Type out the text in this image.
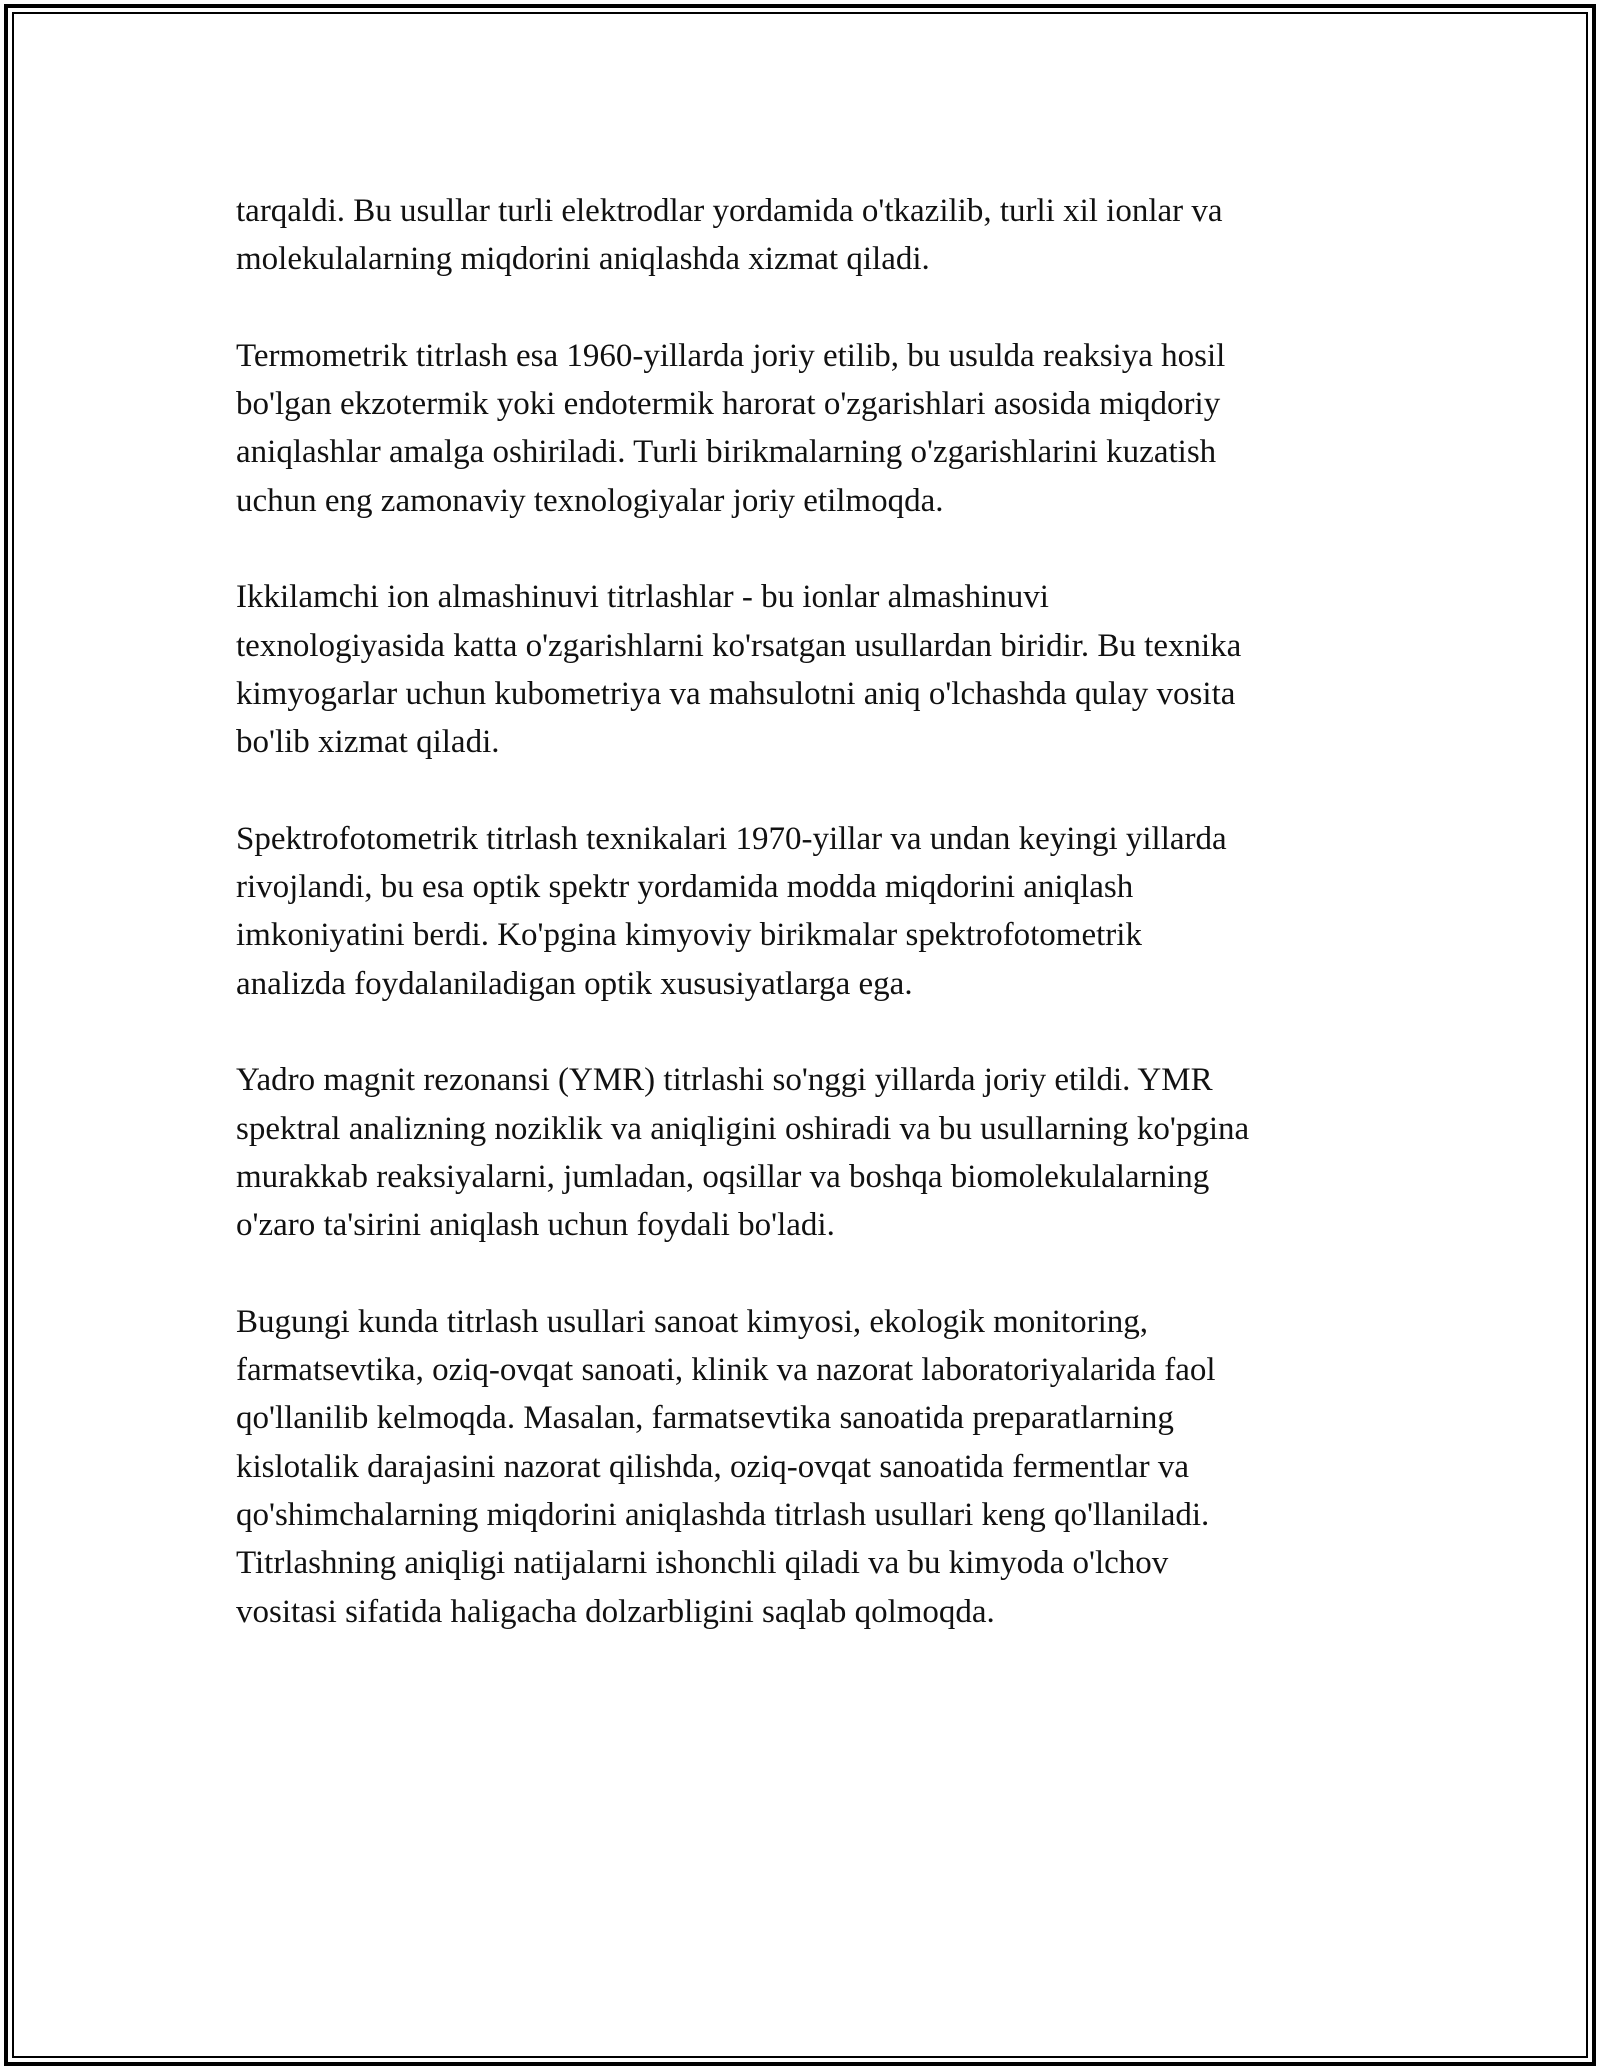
tarqaldi. Bu usullar turli elektrodlar yordamida o'tkazilib, turli xil ionlar va
molekulalarning miqdorini aniqlashda xizmat qiladi.
Termometrik titrlash esa 1960-yillarda joriy etilib, bu usulda reaksiya hosil
bo'lgan ekzotermik yoki endotermik harorat o'zgarishlari asosida miqdoriy
aniqlashlar amalga oshiriladi. Turli birikmalarning o'zgarishlarini kuzatish
uchun eng zamonaviy texnologiyalar joriy etilmoqda.
Ikkilamchi ion almashinuvi titrlashlar - bu ionlar almashinuvi
texnologiyasida katta o'zgarishlarni ko'rsatgan usullardan biridir. Bu texnika
kimyogarlar uchun kubometriya va mahsulotni aniq o'lchashda qulay vosita
bo'lib xizmat qiladi.
Spektrofotometrik titrlash texnikalari 1970-yillar va undan keyingi yillarda
rivojlandi, bu esa optik spektr yordamida modda miqdorini aniqlash
imkoniyatini berdi. Ko'pgina kimyoviy birikmalar spektrofotometrik
analizda foydalaniladigan optik xususiyatlarga ega.
Yadro magnit rezonansi (YMR) titrlashi so'nggi yillarda joriy etildi. YMR
spektral analizning noziklik va aniqligini oshiradi va bu usullarning ko'pgina
murakkab reaksiyalarni, jumladan, oqsillar va boshqa biomolekulalarning
o'zaro ta'sirini aniqlash uchun foydali bo'ladi.
Bugungi kunda titrlash usullari sanoat kimyosi, ekologik monitoring,
farmatsevtika, oziq-ovqat sanoati, klinik va nazorat laboratoriyalarida faol
qo'llanilib kelmoqda. Masalan, farmatsevtika sanoatida preparatlarning
kislotalik darajasini nazorat qilishda, oziq-ovqat sanoatida fermentlar va
qo'shimchalarning miqdorini aniqlashda titrlash usullari keng qo'llaniladi.
Titrlashning aniqligi natijalarni ishonchli qiladi va bu kimyoda o'lchov
vositasi sifatida haligacha dolzarbligini saqlab qolmoqda.
